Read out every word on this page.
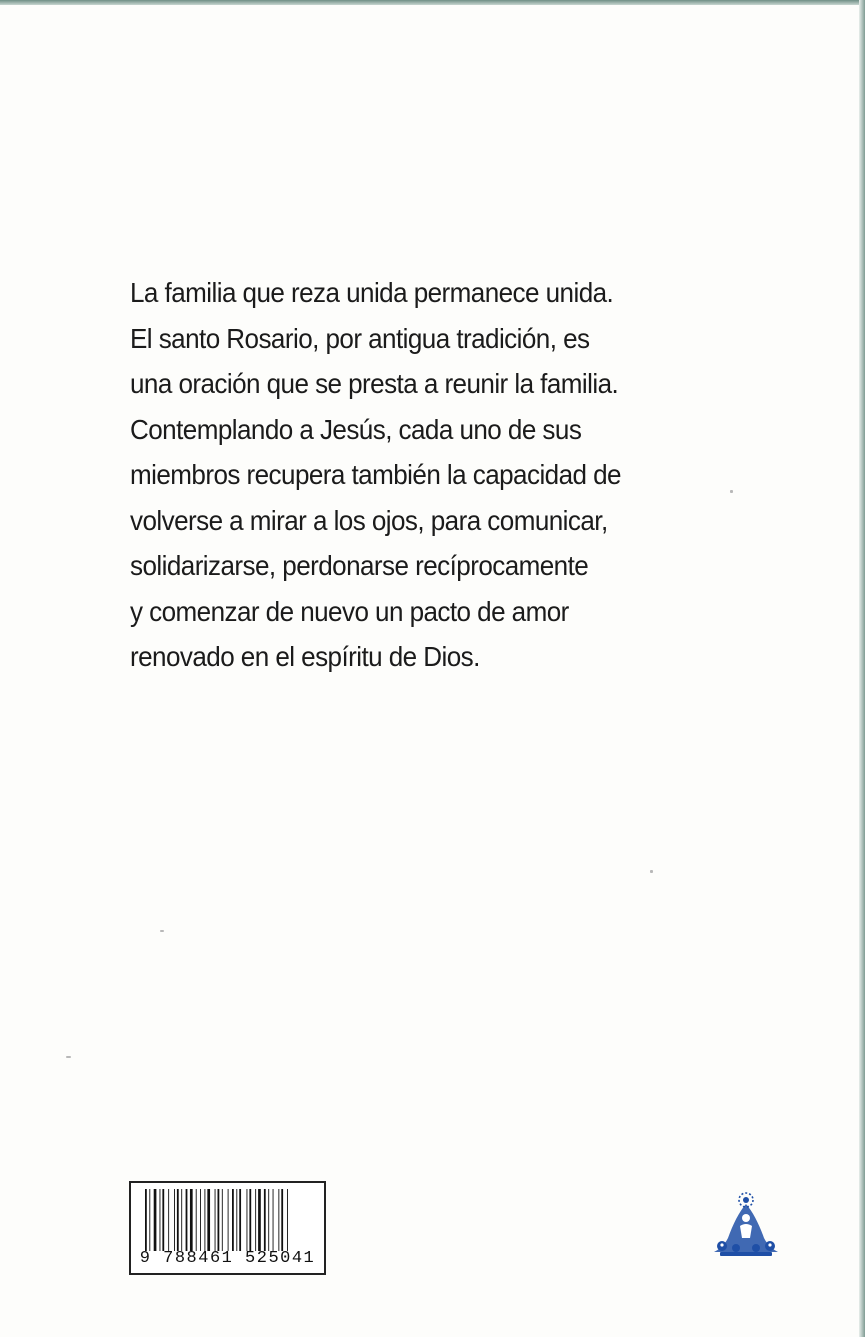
La familia que reza unida permanece unida.
El santo Rosario, por antigua tradición, es
una oración que se presta a reunir la familia.
Contemplando a Jesús, cada uno de sus
miembros recupera también la capacidad de
volverse a mirar a los ojos, para comunicar,
solidarizarse, perdonarse recíprocamente
y comenzar de nuevo un pacto de amor
renovado en el espíritu de Dios.
9 788461 525041
